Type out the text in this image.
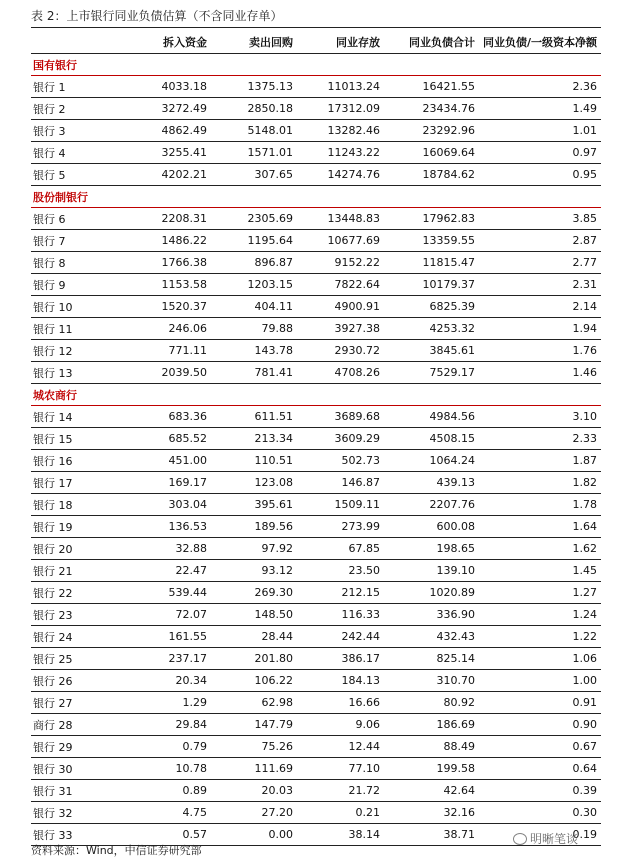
表 2：上市银行同业负债估算（不含同业存单）
	拆入资金	卖出回购	同业存放	同业负债合计	同业负债/一级资本净额
国有银行					
银行 1	4033.18	1375.13	11013.24	16421.55	2.36
银行 2	3272.49	2850.18	17312.09	23434.76	1.49
银行 3	4862.49	5148.01	13282.46	23292.96	1.01
银行 4	3255.41	1571.01	11243.22	16069.64	0.97
银行 5	4202.21	307.65	14274.76	18784.62	0.95
股份制银行					
银行 6	2208.31	2305.69	13448.83	17962.83	3.85
银行 7	1486.22	1195.64	10677.69	13359.55	2.87
银行 8	1766.38	896.87	9152.22	11815.47	2.77
银行 9	1153.58	1203.15	7822.64	10179.37	2.31
银行 10	1520.37	404.11	4900.91	6825.39	2.14
银行 11	246.06	79.88	3927.38	4253.32	1.94
银行 12	771.11	143.78	2930.72	3845.61	1.76
银行 13	2039.50	781.41	4708.26	7529.17	1.46
城农商行					
银行 14	683.36	611.51	3689.68	4984.56	3.10
银行 15	685.52	213.34	3609.29	4508.15	2.33
银行 16	451.00	110.51	502.73	1064.24	1.87
银行 17	169.17	123.08	146.87	439.13	1.82
银行 18	303.04	395.61	1509.11	2207.76	1.78
银行 19	136.53	189.56	273.99	600.08	1.64
银行 20	32.88	97.92	67.85	198.65	1.62
银行 21	22.47	93.12	23.50	139.10	1.45
银行 22	539.44	269.30	212.15	1020.89	1.27
银行 23	72.07	148.50	116.33	336.90	1.24
银行 24	161.55	28.44	242.44	432.43	1.22
银行 25	237.17	201.80	386.17	825.14	1.06
银行 26	20.34	106.22	184.13	310.70	1.00
银行 27	1.29	62.98	16.66	80.92	0.91
商行 28	29.84	147.79	9.06	186.69	0.90
银行 29	0.79	75.26	12.44	88.49	0.67
银行 30	10.78	111.69	77.10	199.58	0.64
银行 31	0.89	20.03	21.72	42.64	0.39
银行 32	4.75	27.20	0.21	32.16	0.30
银行 33	0.57	0.00	38.14	38.71	0.19
资料来源：Wind，中信证券研究部
明晰笔谈
